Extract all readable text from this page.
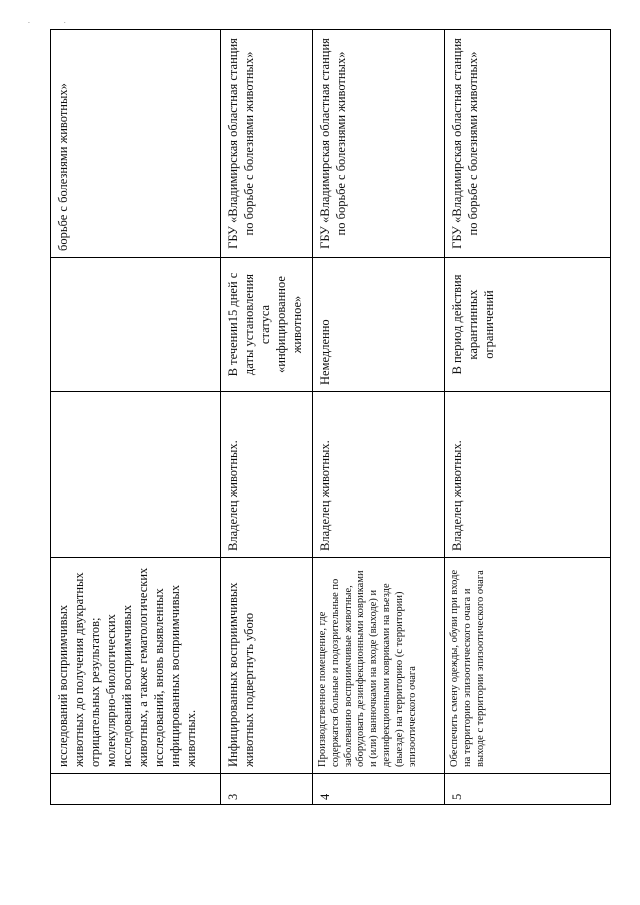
. .
	исследований восприимчивых животных до получения двукратных отрицательных результатов; молекулярно-биологических исследований восприимчивых животных, а также гематологических исследований, вновь выявленных инфицированных восприимчивых животных.			борьбе с болезнями животных»
3	Инфицированных восприимчивых животных подвергнуть убою	Владелец животных.	В течении15 дней с даты установления статуса «инфицированное животное»	ГБУ «Владимирская областная станция по борьбе с болезнями животных»
4	Производственное помещение, где содержатся больные и подозрительные по заболеванию восприимчивые животные, оборудовать дезинфекционными ковриками и (или) ванночками на входе (выходе) и дезинфекционными ковриками на въезде (выезде) на территорию (с территории) эпизоотического очага	Владелец животных.	Немедленно	ГБУ «Владимирская областная станция по борьбе с болезнями животных»
5	Обеспечить смену одежды, обуви при входе на территорию эпизоотического очага и выходе с территории эпизоотического очага	Владелец животных.	В период действия карантинных ограничений	ГБУ «Владимирская областная станция по борьбе с болезнями животных»
